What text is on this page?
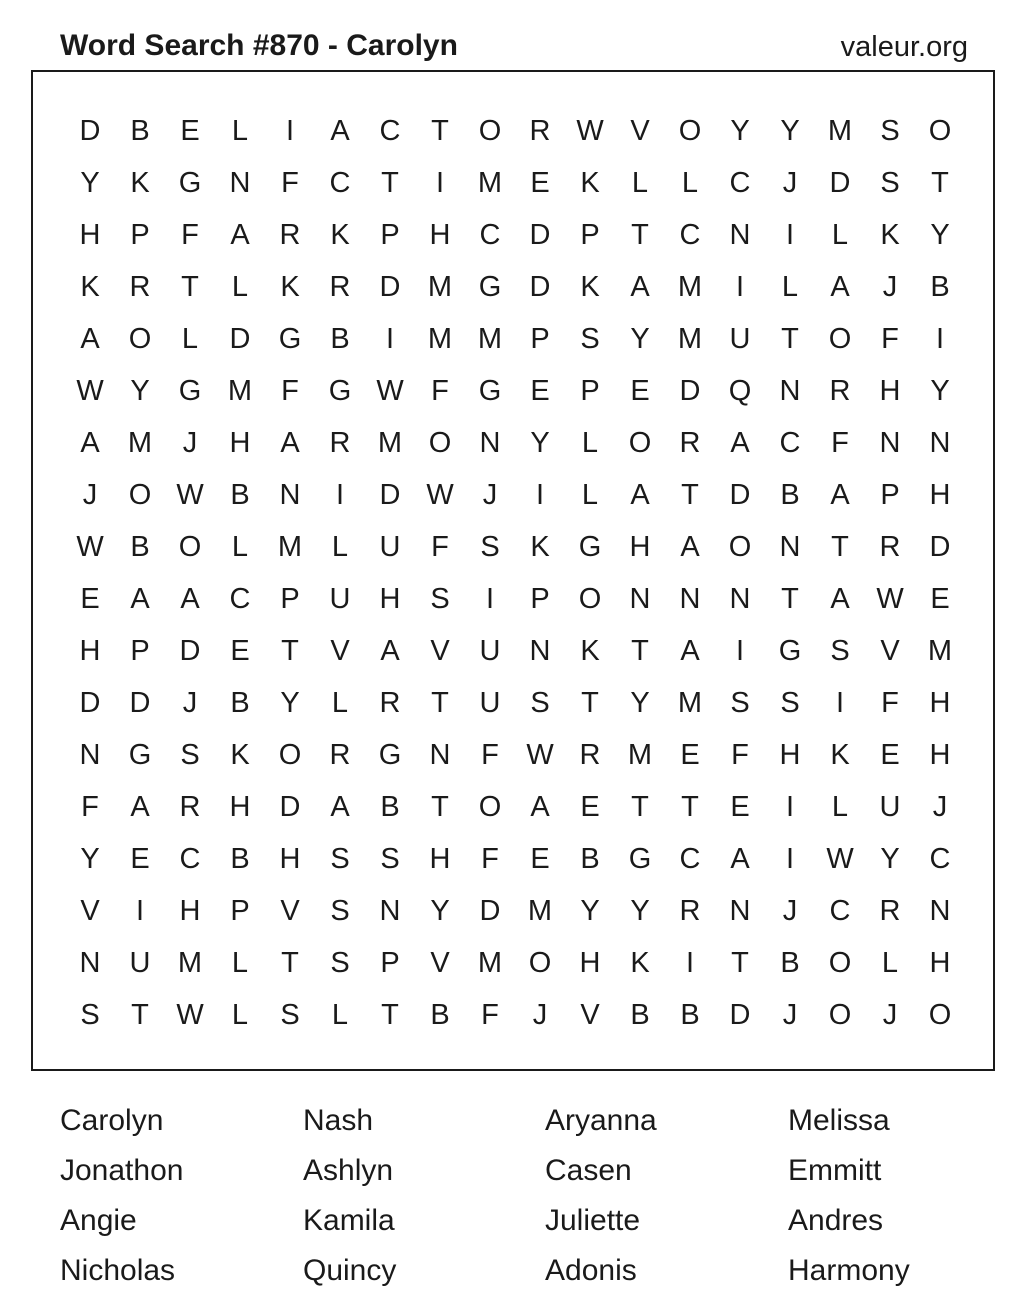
Word Search #870 - Carolyn	valeur.org
D	B	E	L	I	A	C	T	O R W V	O	Y	Y M S	O
Y	K	G N	F	C	T	I	M E	K	L	L	C	J	D	S	T
H	P	F	A	R	K	P	H	C	D	P	T	C	N	I	L	K	Y
K	R	T	L	K	R	D M G D	K	A M	I	L	A	J	B
A	O	L	D G	B	I	M M P	S	Y M U	T	O	F	I
W Y	G M	F	G W F	G	E	P	E	D Q N	R	H	Y
A M	J	H	A	R M O N	Y	L	O R	A	C	F	N	N
J	O W B	N	I	D W	J	I	L	A	T	D	B	A	P	H
W B	O	L	M	L	U	F	S	K	G H	A	O N	T	R	D
E	A	A	C	P	U	H	S	I	P	O N	N	N	T	A W E
H	P	D	E	T	V	A	V	U	N	K	T	A	I	G	S	V M
D	D	J	B	Y	L	R	T	U	S	T	Y M S	S	I	F	H
N G	S	K	O R G N	F W R M E	F	H	K	E	H
F	A	R	H	D	A	B	T	O	A	E	T	T	E	I	L	U	J
Y	E	C	B	H	S	S	H	F	E	B	G C	A	I	W Y	C
V	I	H	P	V	S	N	Y	D M Y	Y	R	N	J	C	R	N
N	U M	L	T	S	P	V M O H	K	I	T	B	O	L	H
S	T W L	S	L	T	B	F	J	V	B	B	D	J	O	J	O
Carolyn	Nash	Aryanna	Melissa
Jonathon	Ashlyn	Casen	Emmitt
Angie	Kamila	Juliette	Andres
Nicholas	Quincy	Adonis	Harmony
